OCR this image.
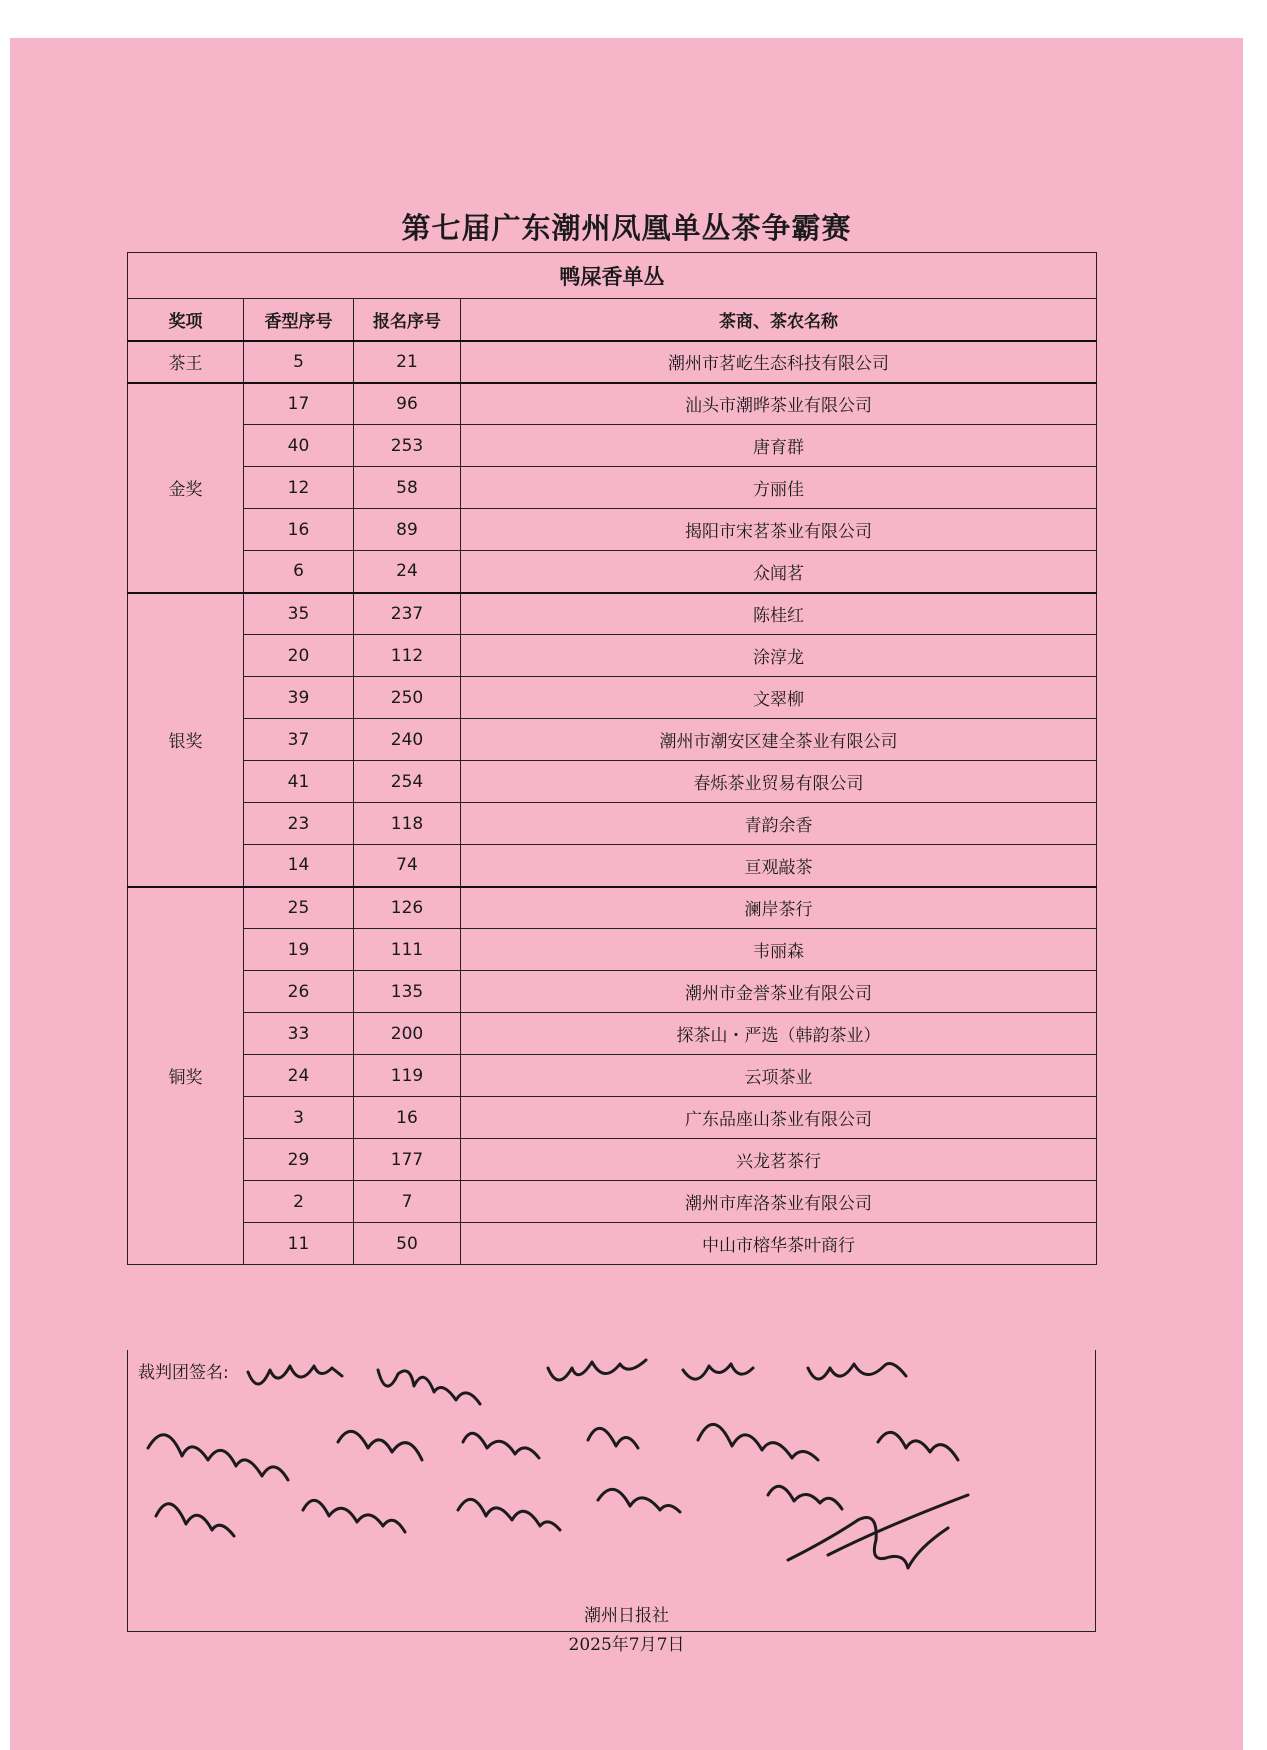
第七届广东潮州凤凰单丛茶争霸赛
鸭屎香单丛			
奖项	香型序号	报名序号	茶商、茶农名称
茶王	5	21	潮州市茗屹生态科技有限公司
金奖	17	96	汕头市潮晔茶业有限公司
	40	253	唐育群
	12	58	方丽佳
	16	89	揭阳市宋茗茶业有限公司
	6	24	众闻茗
银奖	35	237	陈桂红
	20	112	涂淳龙
	39	250	文翠柳
	37	240	潮州市潮安区建全茶业有限公司
	41	254	春烁茶业贸易有限公司
	23	118	青韵余香
	14	74	亘观敲茶
铜奖	25	126	澜岸茶行
	19	111	韦丽森
	26	135	潮州市金誉茶业有限公司
	33	200	探茶山・严选（韩韵茶业）
	24	119	云项茶业
	3	16	广东品座山茶业有限公司
	29	177	兴龙茗茶行
	2	7	潮州市库洛茶业有限公司
	11	50	中山市榕华茶叶商行
裁判团签名:
潮州日报社
2025年7月7日
